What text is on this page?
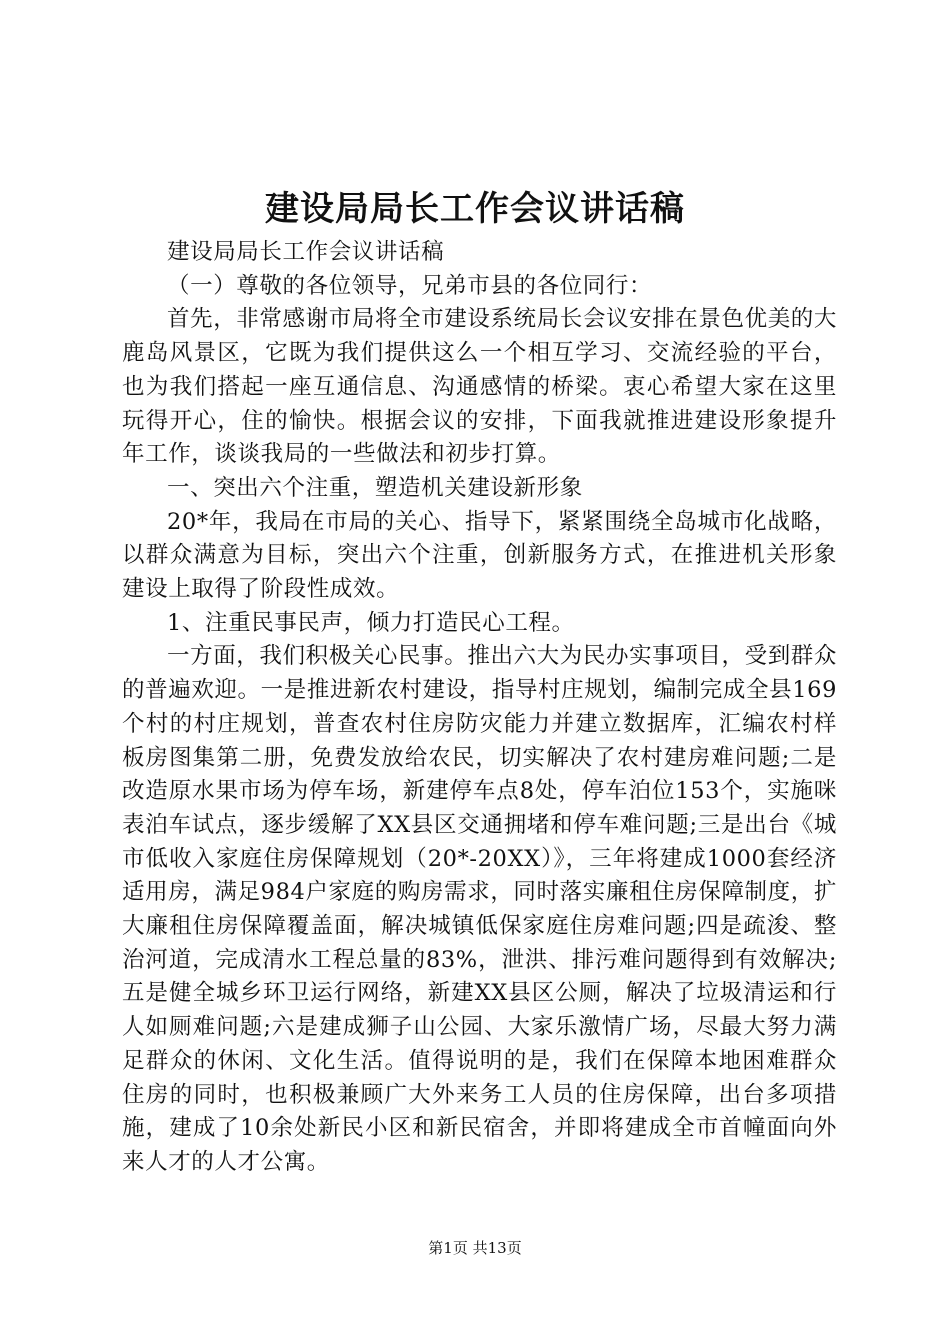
建设局局长工作会议讲话稿

建设局局长工作会议讲话稿

（一）尊敬的各位领导，兄弟市县的各位同行：

首先，非常感谢市局将全市建设系统局长会议安排在景色优美的大鹿岛风景区，它既为我们提供这么一个相互学习、交流经验的平台，也为我们搭起一座互通信息、沟通感情的桥梁。衷心希望大家在这里玩得开心，住的愉快。根据会议的安排，下面我就推进建设形象提升年工作，谈谈我局的一些做法和初步打算。

一、突出六个注重，塑造机关建设新形象

20*年，我局在市局的关心、指导下，紧紧围绕全岛城市化战略，以群众满意为目标，突出六个注重，创新服务方式，在推进机关形象建设上取得了阶段性成效。

1、注重民事民声，倾力打造民心工程。

一方面，我们积极关心民事。推出六大为民办实事项目，受到群众的普遍欢迎。一是推进新农村建设，指导村庄规划，编制完成全县169个村的村庄规划，普查农村住房防灾能力并建立数据库，汇编农村样板房图集第二册，免费发放给农民，切实解决了农村建房难问题;二是改造原水果市场为停车场，新建停车点8处，停车泊位153个，实施咪表泊车试点，逐步缓解了XX县区交通拥堵和停车难问题;三是出台《城市低收入家庭住房保障规划（20*-20XX）》，三年将建成1000套经济适用房，满足984户家庭的购房需求，同时落实廉租住房保障制度，扩大廉租住房保障覆盖面，解决城镇低保家庭住房难问题;四是疏浚、整治河道，完成清水工程总量的83%，泄洪、排污难问题得到有效解决;五是健全城乡环卫运行网络，新建XX县区公厕，解决了垃圾清运和行人如厕难问题;六是建成狮子山公园、大家乐激情广场，尽最大努力满足群众的休闲、文化生活。值得说明的是，我们在保障本地困难群众住房的同时，也积极兼顾广大外来务工人员的住房保障，出台多项措施，建成了10余处新民小区和新民宿舍，并即将建成全市首幢面向外来人才的人才公寓。

第1页 共13页
